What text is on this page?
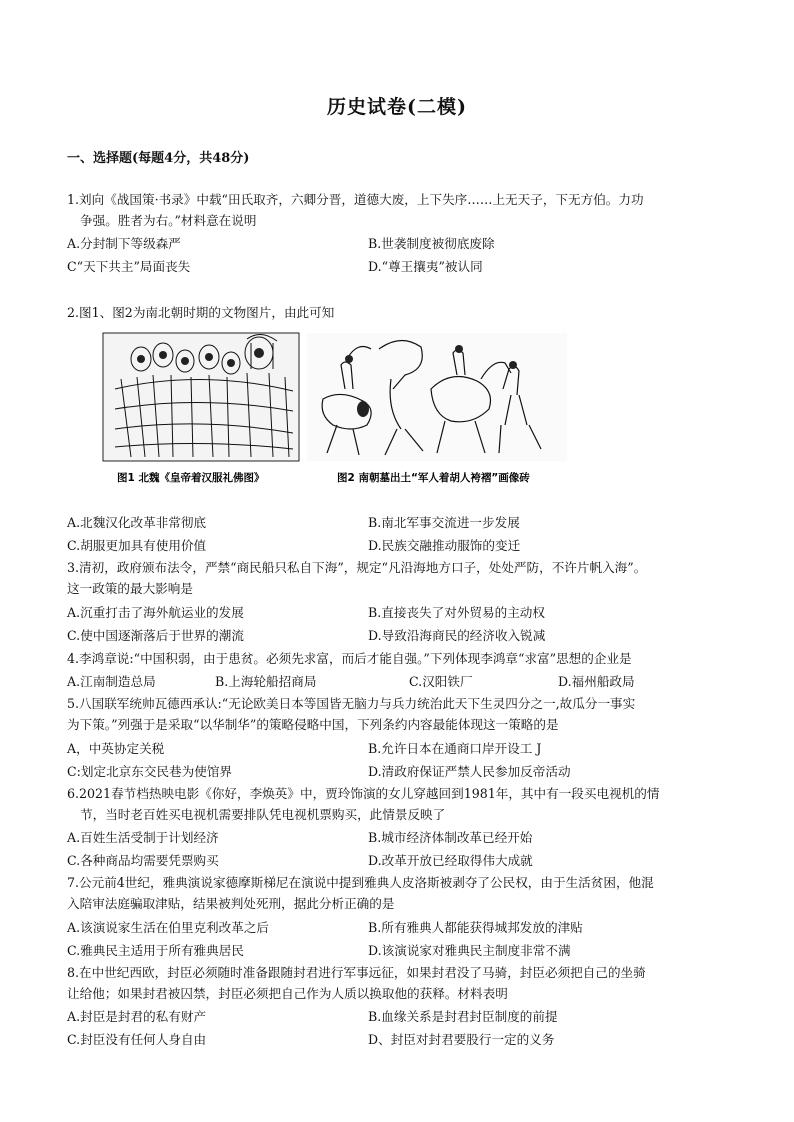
历史试卷(二模)
一、选择题(每题4分，共48分)
1.刘向《战国策·书录》中载“田氏取齐，六卿分晋，道德大废，上下失序……上无天子，下无方伯。力功
争强。胜者为右。”材料意在说明
A.分封制下等级森严	B.世袭制度被彻底废除
C“天下共主”局面丧失	D.“尊王攘夷”被认同
2.图1、图2为南北朝时期的文物图片，由此可知
图1 北魏《皇帝着汉服礼佛图》	图2 南朝墓出土“军人着胡人袴褶”画像砖
A.北魏汉化改革非常彻底	B.南北军事交流进一步发展
C.胡服更加具有使用价值	D.民族交融推动服饰的变迁
3.清初，政府颁布法令，严禁“商民船只私自下海”，规定“凡沿海地方口子，处处严防，不许片帆入海”。
这一政策的最大影响是
A.沉重打击了海外航运业的发展	B.直接丧失了对外贸易的主动权
C.使中国逐渐落后于世界的潮流	D.导致沿海商民的经济收入锐减
4.李鸿章说:“中国积弱，由于患贫。必须先求富，而后才能自强。”下列体现李鸿章“求富”思想的企业是
A.江南制造总局	B.上海轮船招商局	C.汉阳铁厂	D.福州船政局
5.八国联军统帅瓦德西承认:“无论欧美日本等国皆无脑力与兵力统治此天下生灵四分之一,故瓜分一事实
为下策。”列强于是采取“以华制华”的策略侵略中国，下列条约内容最能体现这一策略的是
A，中英协定关税	B.允许日本在通商口岸开设工 J
C:划定北京东交民巷为使馆界	D.清政府保证严禁人民参加反帝活动
6.2021春节档热映电影《你好，李焕英》中，贾玲饰演的女儿穿越回到1981年，其中有一段买电视机的情
节，当时老百姓买电视机需要排队凭电视机票购买，此情景反映了
A.百姓生活受制于计划经济	B.城市经济体制改革已经开始
C.各种商品均需要凭票购买	D.改革开放已经取得伟大成就
7.公元前4世纪，雅典演说家德摩斯梯尼在演说中提到雅典人皮洛斯被剥夺了公民权，由于生活贫困，他混
入陪审法庭骗取津贴，结果被判处死刑，据此分析正确的是
A.该演说家生活在伯里克利改革之后	B.所有雅典人都能获得城邦发放的津贴
C.雅典民主适用于所有雅典居民	D.该演说家对雅典民主制度非常不满
8.在中世纪西欧，封臣必须随时准备跟随封君进行军事远征，如果封君没了马骑，封臣必须把自己的坐骑
让给他；如果封君被囚禁，封臣必须把自己作为人质以换取他的获释。材料表明
A.封臣是封君的私有财产	B.血缘关系是封君封臣制度的前提
C.封臣没有任何人身自由	D、封臣对封君要股行一定的义务
